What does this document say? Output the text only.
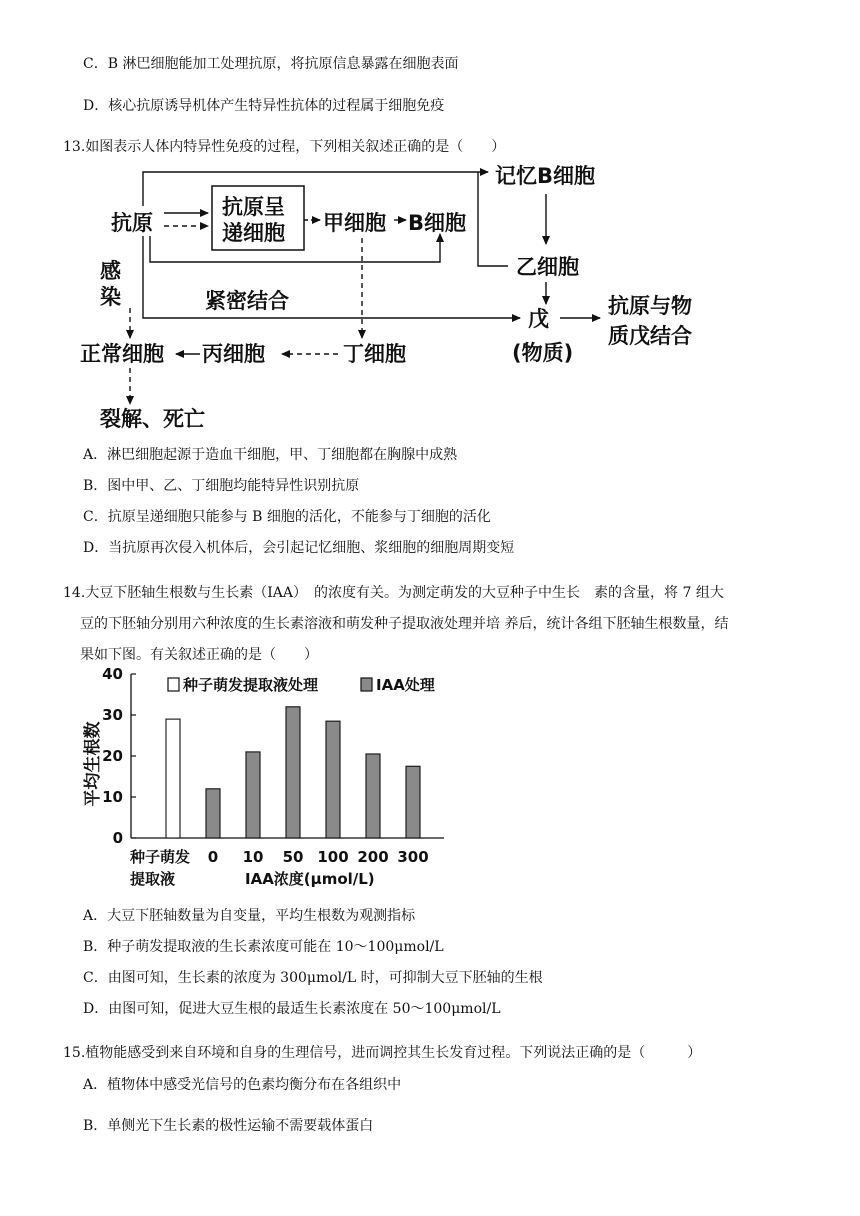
C．B 淋巴细胞能加工处理抗原，将抗原信息暴露在细胞表面
D．核心抗原诱导机体产生特异性抗体的过程属于细胞免疫
13.如图表示人体内特异性免疫的过程，下列相关叙述正确的是（　　）
抗原
抗原呈
递细胞 甲细胞 B细胞
记忆B细胞
乙细胞
感
染	紧密结合
戊
(物质)
抗原与物
质戊结合
正常细胞 丙细胞	丁细胞
裂解、死亡
A．淋巴细胞起源于造血干细胞，甲、丁细胞都在胸腺中成熟
B．图中甲、乙、丁细胞均能特异性识别抗原
C．抗原呈递细胞只能参与 B 细胞的活化，不能参与丁细胞的活化
D．当抗原再次侵入机体后，会引起记忆细胞、浆细胞的细胞周期变短
14.大豆下胚轴生根数与生长素（IAA）　的浓度有关。为测定萌发的大豆种子中生长　素的含量，将 7 组大
豆的下胚轴分别用六种浓度的生长素溶液和萌发种子提取液处理并培 养后，统计各组下胚轴生根数量，结
果如下图。有关叙述正确的是（　　）
平均生根数
种子萌发提取液处理	IAA处理
种子萌发
提取液	IAA浓度(μmol/L)
0
10
20
30
40
0 10 50 100 200 300
A．大豆下胚轴数量为自变量，平均生根数为观测指标
B．种子萌发提取液的生长素浓度可能在 10～100μmol/L
C．由图可知，生长素的浓度为 300μmol/L 时，可抑制大豆下胚轴的生根
D．由图可知，促进大豆生根的最适生长素浓度在 50～100μmol/L
15.植物能感受到来自环境和自身的生理信号，进而调控其生长发育过程。下列说法正确的是（　　　）
A．植物体中感受光信号的色素均衡分布在各组织中
B．单侧光下生长素的极性运输不需要载体蛋白
